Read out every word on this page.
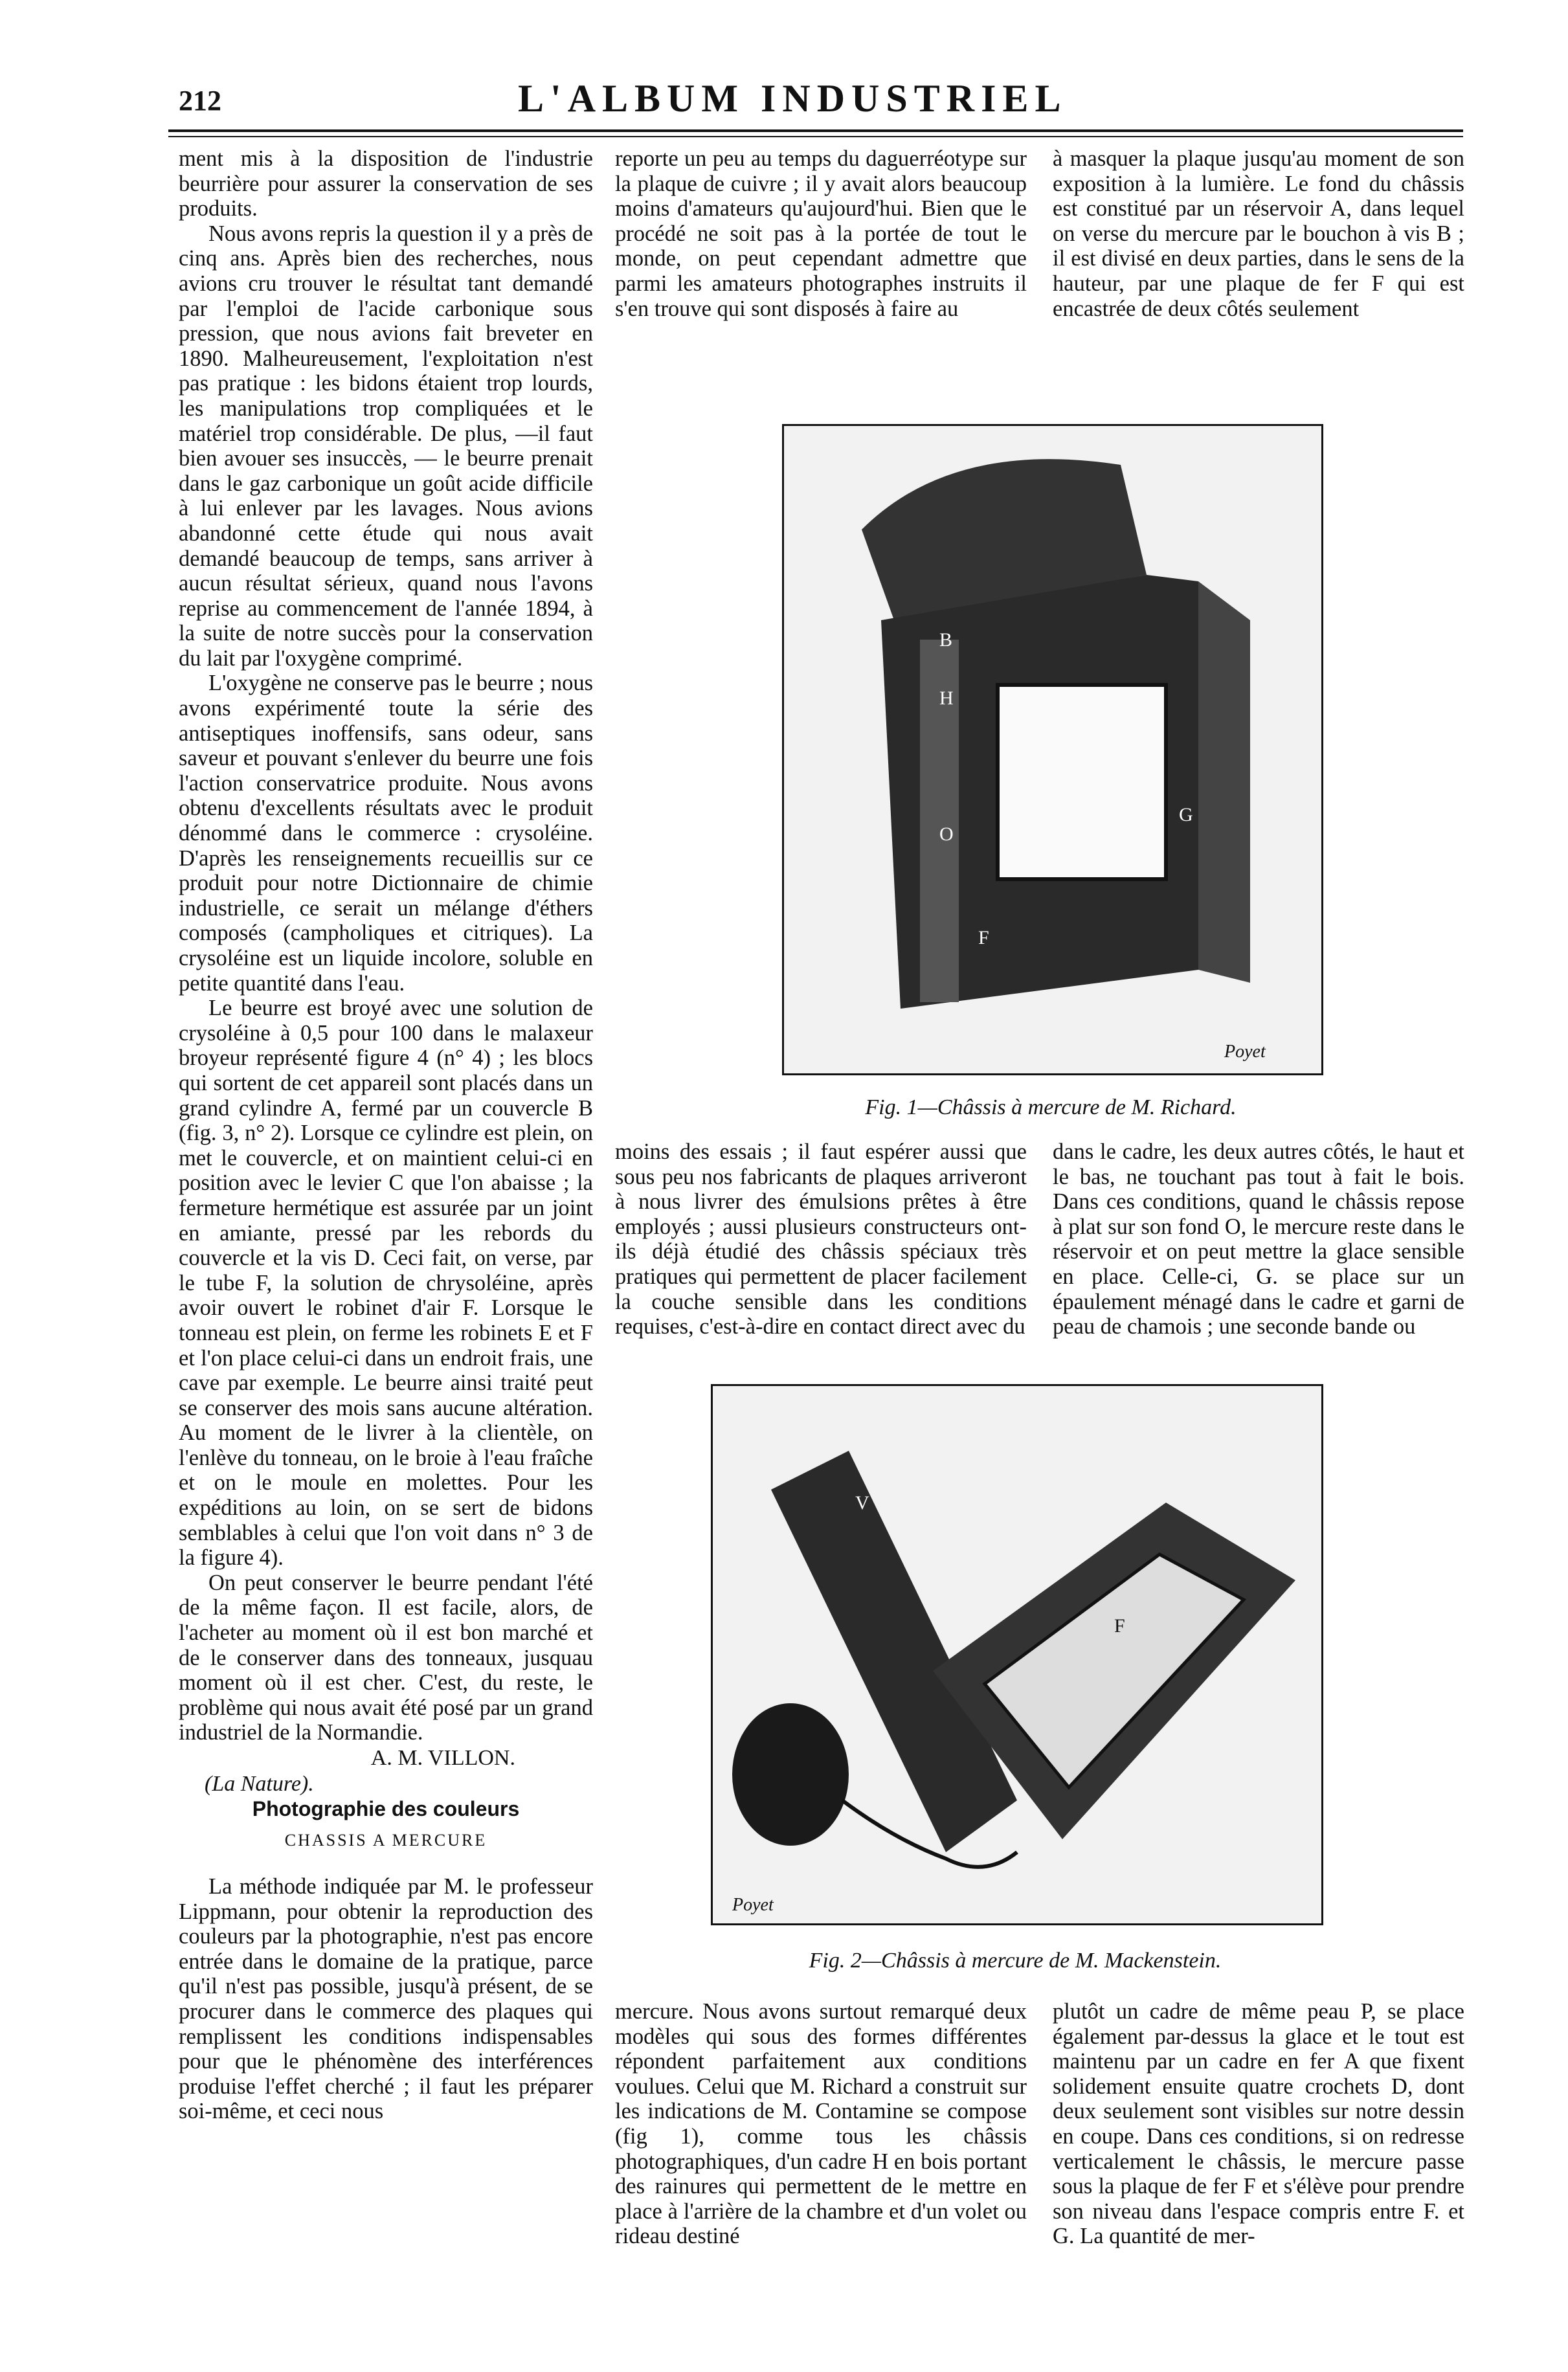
212	L'ALBUM INDUSTRIEL

ment mis à la disposition de l'industrie beurrière pour assurer la conservation de ses produits.

Nous avons repris la question il y a près de cinq ans. Après bien des recherches, nous avions cru trouver le résultat tant demandé par l'emploi de l'acide carbonique sous pression, que nous avions fait breveter en 1890. Malheureusement, l'exploitation n'est pas pratique : les bidons étaient trop lourds, les manipulations trop compliquées et le matériel trop considérable. De plus, —il faut bien avouer ses insuccès, — le beurre prenait dans le gaz carbonique un goût acide difficile à lui enlever par les lavages. Nous avions abandonné cette étude qui nous avait demandé beaucoup de temps, sans arriver à aucun résultat sérieux, quand nous l'avons reprise au commencement de l'année 1894, à la suite de notre succès pour la conservation du lait par l'oxygène comprimé.

L'oxygène ne conserve pas le beurre ; nous avons expérimenté toute la série des antiseptiques inoffensifs, sans odeur, sans saveur et pouvant s'enlever du beurre une fois l'action conservatrice produite. Nous avons obtenu d'excellents résultats avec le produit dénommé dans le commerce : crysoléine. D'après les renseignements recueillis sur ce produit pour notre Dictionnaire de chimie industrielle, ce serait un mélange d'éthers composés (campholiques et citriques). La crysoléine est un liquide incolore, soluble en petite quantité dans l'eau.

Le beurre est broyé avec une solution de crysoléine à 0,5 pour 100 dans le malaxeur broyeur représenté figure 4 (n° 4) ; les blocs qui sortent de cet appareil sont placés dans un grand cylindre A, fermé par un couvercle B (fig. 3, n° 2). Lorsque ce cylindre est plein, on met le couvercle, et on maintient celui-ci en position avec le levier C que l'on abaisse ; la fermeture hermétique est assurée par un joint en amiante, pressé par les rebords du couvercle et la vis D. Ceci fait, on verse, par le tube F, la solution de chrysoléine, après avoir ouvert le robinet d'air F. Lorsque le tonneau est plein, on ferme les robinets E et F et l'on place celui-ci dans un endroit frais, une cave par exemple. Le beurre ainsi traité peut se conserver des mois sans aucune altération. Au moment de le livrer à la clientèle, on l'enlève du tonneau, on le broie à l'eau fraîche et on le moule en molettes. Pour les expéditions au loin, on se sert de bidons semblables à celui que l'on voit dans n° 3 de la figure 4).

On peut conserver le beurre pendant l'été de la même façon. Il est facile, alors, de l'acheter au moment où il est bon marché et de le conserver dans des tonneaux, jusquau moment où il est cher. C'est, du reste, le problème qui nous avait été posé par un grand industriel de la Normandie.

A. M. VILLON.
(La Nature).
Photographie des couleurs
CHASSIS A MERCURE

La méthode indiquée par M. le professeur Lippmann, pour obtenir la reproduction des couleurs par la photographie, n'est pas encore entrée dans le domaine de la pratique, parce qu'il n'est pas possible, jusqu'à présent, de se procurer dans le commerce des plaques qui remplissent les conditions indispensables pour que le phénomène des interférences produise l'effet cherché ; il faut les préparer soi-même, et ceci nous

reporte un peu au temps du daguerréotype sur la plaque de cuivre ; il y avait alors beaucoup moins d'amateurs qu'aujourd'hui. Bien que le procédé ne soit pas à la portée de tout le monde, on peut cependant admettre que parmi les amateurs photographes instruits il s'en trouve qui sont disposés à faire au

à masquer la plaque jusqu'au moment de son exposition à la lumière. Le fond du châssis est constitué par un réservoir A, dans lequel on verse du mercure par le bouchon à vis B ; il est divisé en deux parties, dans le sens de la hauteur, par une plaque de fer F qui est encastrée de deux côtés seulement

B
H
O
G
F
Poyet
Fig. 1—Châssis à mercure de M. Richard.

moins des essais ; il faut espérer aussi que sous peu nos fabricants de plaques arriveront à nous livrer des émulsions prêtes à être employés ; aussi plusieurs constructeurs ont-ils déjà étudié des châssis spéciaux très pratiques qui permettent de placer facilement la couche sensible dans les conditions requises, c'est-à-dire en contact direct avec du

dans le cadre, les deux autres côtés, le haut et le bas, ne touchant pas tout à fait le bois. Dans ces conditions, quand le châssis repose à plat sur son fond O, le mercure reste dans le réservoir et on peut mettre la glace sensible en place. Celle-ci, G. se place sur un épaulement ménagé dans le cadre et garni de peau de chamois ; une seconde bande ou

V
F
Poyet
Fig. 2—Châssis à mercure de M. Mackenstein.

mercure. Nous avons surtout remarqué deux modèles qui sous des formes différentes répondent parfaitement aux conditions voulues. Celui que M. Richard a construit sur les indications de M. Contamine se compose (fig 1), comme tous les châssis photographiques, d'un cadre H en bois portant des rainures qui permettent de le mettre en place à l'arrière de la chambre et d'un volet ou rideau destiné

plutôt un cadre de même peau P, se place également par-dessus la glace et le tout est maintenu par un cadre en fer A que fixent solidement ensuite quatre crochets D, dont deux seulement sont visibles sur notre dessin en coupe. Dans ces conditions, si on redresse verticalement le châssis, le mercure passe sous la plaque de fer F et s'élève pour prendre son niveau dans l'espace compris entre F. et G. La quantité de mer-
